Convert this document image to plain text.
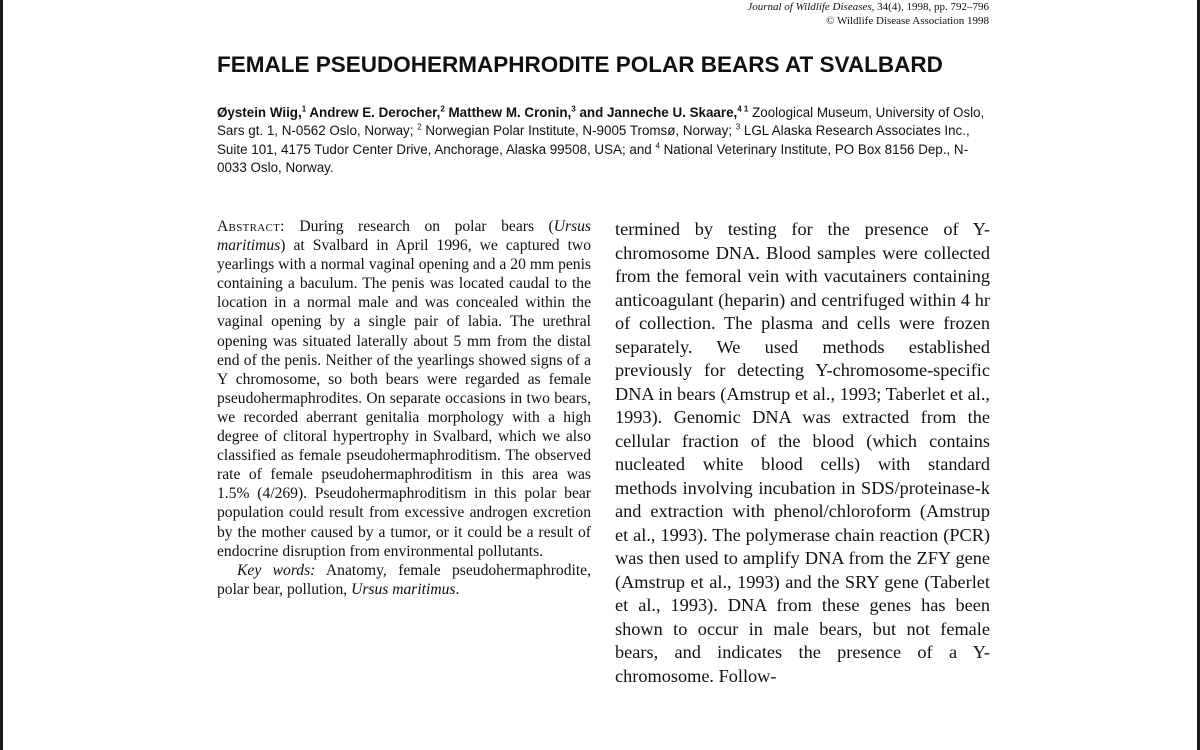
Journal of Wildlife Diseases, 34(4), 1998, pp. 792–796
© Wildlife Disease Association 1998
FEMALE PSEUDOHERMAPHRODITE POLAR BEARS AT SVALBARD
Øystein Wiig,$^1$ Andrew E. Derocher,$^2$ Matthew M. Cronin,$^3$ and Janneche U. Skaare,$^{4 1}$ Zoological Museum, University of Oslo, Sars gt. 1, N-0562 Oslo, Norway; $^2$ Norwegian Polar Institute, N-9005 Tromsø, Norway; $^3$ LGL Alaska Research Associates Inc., Suite 101, 4175 Tudor Center Drive, Anchorage, Alaska 99508, USA; and $^4$ National Veterinary Institute, PO Box 8156 Dep., N-0033 Oslo, Norway.

Abstract: During research on polar bears (Ursus maritimus) at Svalbard in April 1996, we captured two yearlings with a normal vaginal opening and a 20 mm penis containing a baculum. The penis was located caudal to the location in a normal male and was concealed within the vaginal opening by a single pair of labia. The urethral opening was situated laterally about 5 mm from the distal end of the penis. Neither of the yearlings showed signs of a Y chromosome, so both bears were regarded as female pseudohermaphrodites. On separate occasions in two bears, we recorded aberrant genitalia morphology with a high degree of clitoral hypertrophy in Svalbard, which we also classified as female pseudohermaphroditism. The observed rate of female pseudohermaphroditism in this area was 1.5% (4/269). Pseudohermaphroditism in this polar bear population could result from excessive androgen excretion by the mother caused by a tumor, or it could be a result of endocrine disruption from environmental pollutants.

Key words: Anatomy, female pseudohermaphrodite, polar bear, pollution, Ursus maritimus.

termined by testing for the presence of Y-chromosome DNA. Blood samples were collected from the femoral vein with vacutainers containing anticoagulant (heparin) and centrifuged within 4 hr of collection. The plasma and cells were frozen separately. We used methods established previously for detecting Y-chromosome-specific DNA in bears (Amstrup et al., 1993; Taberlet et al., 1993). Genomic DNA was extracted from the cellular fraction of the blood (which contains nucleated white blood cells) with standard methods involving incubation in SDS/proteinase-k and extraction with phenol/chloroform (Amstrup et al., 1993). The polymerase chain reaction (PCR) was then used to amplify DNA from the ZFY gene (Amstrup et al., 1993) and the SRY gene (Taberlet et al., 1993). DNA from these genes has been shown to occur in male bears, but not female bears, and indicates the presence of a Y-chromosome. Follow-
